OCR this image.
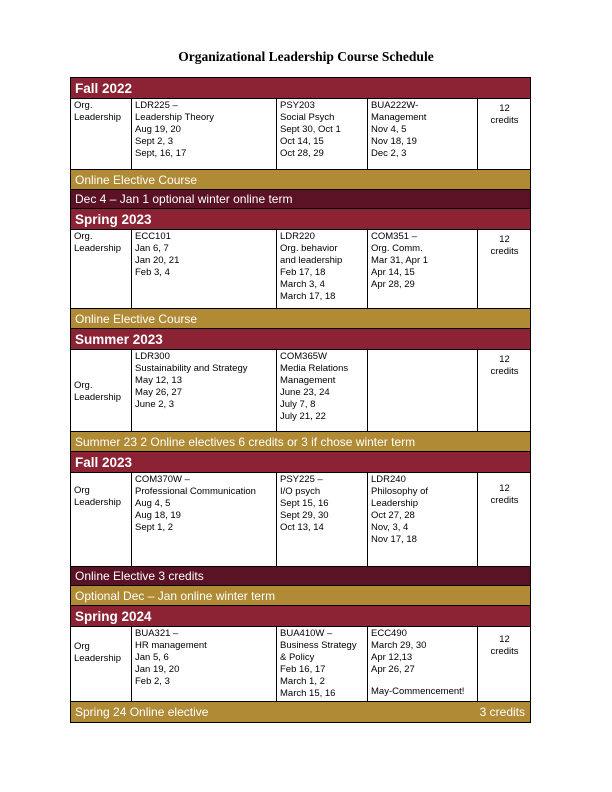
Organizational Leadership Course Schedule
Fall 2022
Org.
Leadership
LDR225 –
Leadership Theory
Aug 19, 20
Sept 2, 3
Sept, 16, 17
PSY203
Social Psych
Sept 30, Oct 1
Oct 14, 15
Oct 28, 29
BUA222W-
Management
Nov 4, 5
Nov 18, 19
Dec 2, 3
12
credits
Online Elective Course
Dec 4 – Jan 1 optional winter online term
Spring 2023
Org.
Leadership
ECC101
Jan 6, 7
Jan 20, 21
Feb 3, 4
LDR220
Org. behavior
and leadership
Feb 17, 18
March 3, 4
March 17, 18
COM351 –
Org. Comm.
Mar 31, Apr 1
Apr 14, 15
Apr 28, 29
12
credits
Online Elective Course
Summer 2023
Org.
Leadership
LDR300
Sustainability and Strategy
May 12, 13
May 26, 27
June 2, 3
COM365W
Media Relations
Management
June 23, 24
July 7, 8
July 21, 22
12
credits
Summer 23 2 Online electives 6 credits or 3 if chose winter term
Fall 2023
Org
Leadership
COM370W –
Professional Communication
Aug 4, 5
Aug 18, 19
Sept 1, 2
PSY225 –
I/O psych
Sept 15, 16
Sept 29, 30
Oct 13, 14
LDR240
Philosophy of
Leadership
Oct 27, 28
Nov, 3, 4
Nov 17, 18
12
credits
Online Elective 3 credits
Optional Dec – Jan online winter term
Spring 2024
Org
Leadership
BUA321 –
HR management
Jan 5, 6
Jan 19, 20
Feb 2, 3
BUA410W –
Business Strategy
& Policy
Feb 16, 17
March 1, 2
March 15, 16
ECC490
March 29, 30
Apr 12,13
Apr 26, 27
May-Commencement!
12
credits
Spring 24 Online elective	3 credits
